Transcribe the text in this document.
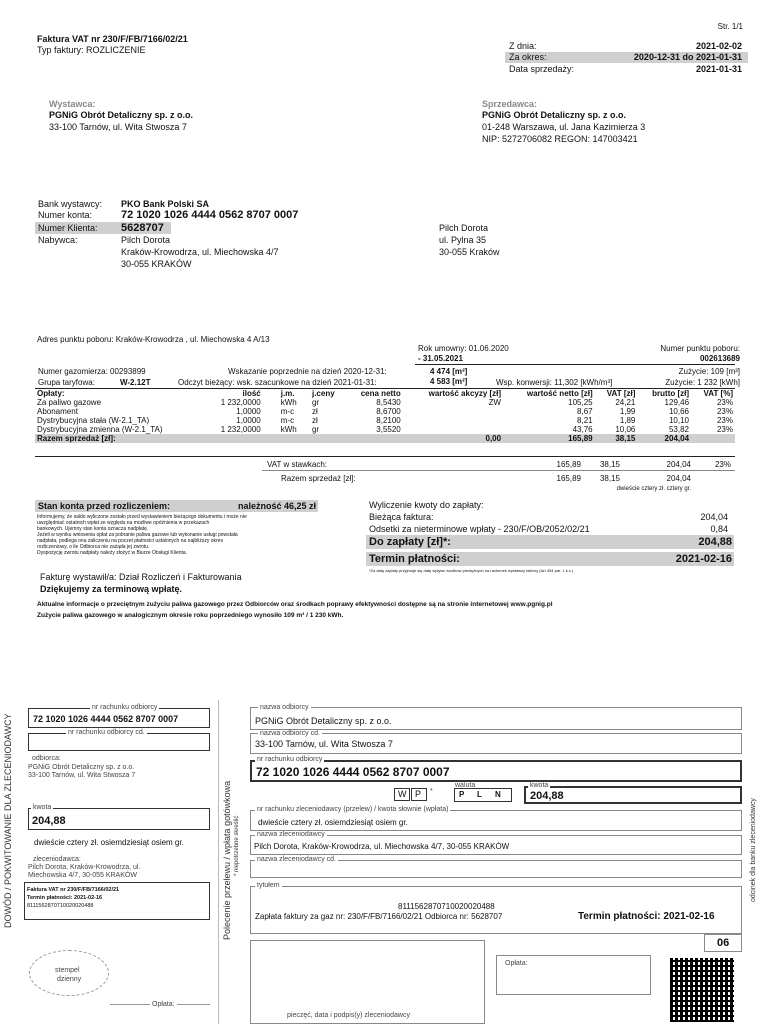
Str. 1/1
Faktura VAT nr 230/F/FB/7166/02/21
Typ faktury: ROZLICZENIE	Z dnia:	2021-02-02
Za okres:	2020-12-31 do 2021-01-31
Data sprzedaży:	2021-01-31
Wystawca:
PGNiG Obrót Detaliczny sp. z o.o.
33-100 Tarnów, ul. Wita Stwosza 7
Sprzedawca:
PGNiG Obrót Detaliczny sp. z o.o.
01-248 Warszawa, ul. Jana Kazimierza 3
NIP: 5272706082 REGON: 147003421
Bank wystawcy: PKO Bank Polski SA
Numer konta:	72 1020 1026 4444 0562 8707 0007
Numer Klienta: 5628707
Nabywca:	Pilch Dorota
Kraków-Krowodrza, ul. Miechowska 4/7
30-055 KRAKÓW
Pilch Dorota
ul. Pylna 35
30-055 Kraków
Adres punktu poboru: Kraków-Krowodrza , ul. Miechowska 4 A/13
Rok umowny: 01.06.2020
- 31.05.2021
Numer punktu poboru:
002613689
Numer gazomierza: 00293899	Wskazanie poprzednie na dzień 2020-12-31:	4 474 [m³]	Zużycie: 109 [m³]
Grupa taryfowa:	W-2.12T	Odczyt bieżący: wsk. szacunkowe na dzień 2021-01-31:	4 583 [m³]	Wsp. konwersji: 11,302 [kWh/m³]	Zużycie: 1 232 [kWh]
Opłaty:	ilość	j.m.	j.ceny	cena netto	wartość akcyzy [zł]	wartość netto [zł]	VAT [zł]	brutto [zł]	VAT [%]
Za paliwo gazowe	1 232,0000	kWh	gr	8,5430	ZW	105,25	24,21	129,46	23%
Abonament	1,0000	m-c	zł	8,6700		8,67	1,99	10,66	23%
Dystrybucyjna stała (W-2.1_TA)	1,0000	m-c	zł	8,2100		8,21	1,89	10,10	23%
Dystrybucyjna zmienna (W-2.1_TA)	1 232,0000	kWh	gr	3,5520		43,76	10,06	53,82	23%
Razem sprzedaż [zł]:					0,00	165,89	38,15	204,04	
VAT w stawkach:	165,89	38,15	204,04	23%
Razem sprzedaż [zł]:	165,89	38,15	204,04
dwieście cztery zł. cztery gr.
Stan konta przed rozliczeniem:	należność 46,25 zł
Informujemy, że saldo wyliczone zostało przed wystawieniem bieżącego dokumentu i może nie
uwzględniać ostatnich wpłat ze względu na możliwe opóźnienia w przekazach
bankowych. Ujemny stan konta oznacza nadpłatę.
Jeżeli w wyniku wniosenia opłat za pobranie paliwa gazowe lub wykonanie usługi powstała
nadpłata, podlega ona zaliczeniu na poczet płatności ustalonych na najbliższy okres
rozliczeniowy, o ile Odbiorca nie zażąda jej zwrotu.
Dyspozycję zwrotu nadpłaty należy złożyć w Biurze Obsługi Klienta.
Wyliczenie kwoty do zapłaty:
Bieżąca faktura:	204,04
Odsetki za nieterminowe wpłaty - 230/F/OB/2052/02/21	0,84
Do zapłaty [zł]*:	204,88
Termin płatności:	2021-02-16
*Za datę zapłaty przyjmuje się datę wpływu środków pieniężnych na rachunek wystawcy faktury (Art 454 par. 1 k.c.)
Fakturę wystawił/a: Dział Rozliczeń i Fakturowania
Dziękujemy za terminową wpłatę.
Aktualne informacje o przeciętnym zużyciu paliwa gazowego przez Odbiorców oraz środkach poprawy efektywności dostępne są na stronie internetowej www.pgnig.pl
Zużycie paliwa gazowego w analogicznym okresie roku poprzedniego wynosiło 109 m³ / 1 230 kWh.
DOWÓD / POKWITOWANIE DLA ZLECENIODAWCY
nr rachunku odbiorcy
72 1020 1026 4444 0562 8707 0007
nr rachunku odbiorcy cd.
odbiorca:
PGNiG Obrót Detaliczny sp. z o.o.
33-100 Tarnów, ul. Wita Stwosza 7
kwota
204,88
dwieście cztery zł. osiemdziesiąt osiem gr.
zleceniodawca:
Pilch Dorota, Kraków-Krowodrza, ul.
Miechowska 4/7, 30-055 KRAKÓW
Faktura VAT nr 230/F/FB/7166/02/21
Termin płatności: 2021-02-16
811156287071002002048​8
stempel
dzienny
Opłata:
Polecenie przelewu / wpłata gotówkowa * niepotrzebne skreślić
nazwa odbiorcy
PGNiG Obrót Detaliczny sp. z o.o.
nazwa odbiorcy cd.
33-100 Tarnów, ul. Wita Stwosza 7
nr rachunku odbiorcy
72 1020 1026 4444 0562 8707 0007
W P *
waluta
P L N
kwota
204,88
nr rachunku zleceniodawcy (przelew) / kwota słownie (wpłata)
dwieście cztery zł. osiemdziesiąt osiem gr.
nazwa zleceniodawcy
Pilch Dorota, Kraków-Krowodrza, ul. Miechowska 4/7, 30-055 KRAKÓW
nazwa zleceniodawcy cd.
tytułem
811156287071002002048​8
Zapłata faktury za gaz nr: 230/F/FB/7166/02/21 Odbiorca nr: 5628707	Termin płatności: 2021-02-16
06
pieczęć, data i podpis(y) zleceniodawcy
Opłata:
odcinek dla banku zleceniodawcy
